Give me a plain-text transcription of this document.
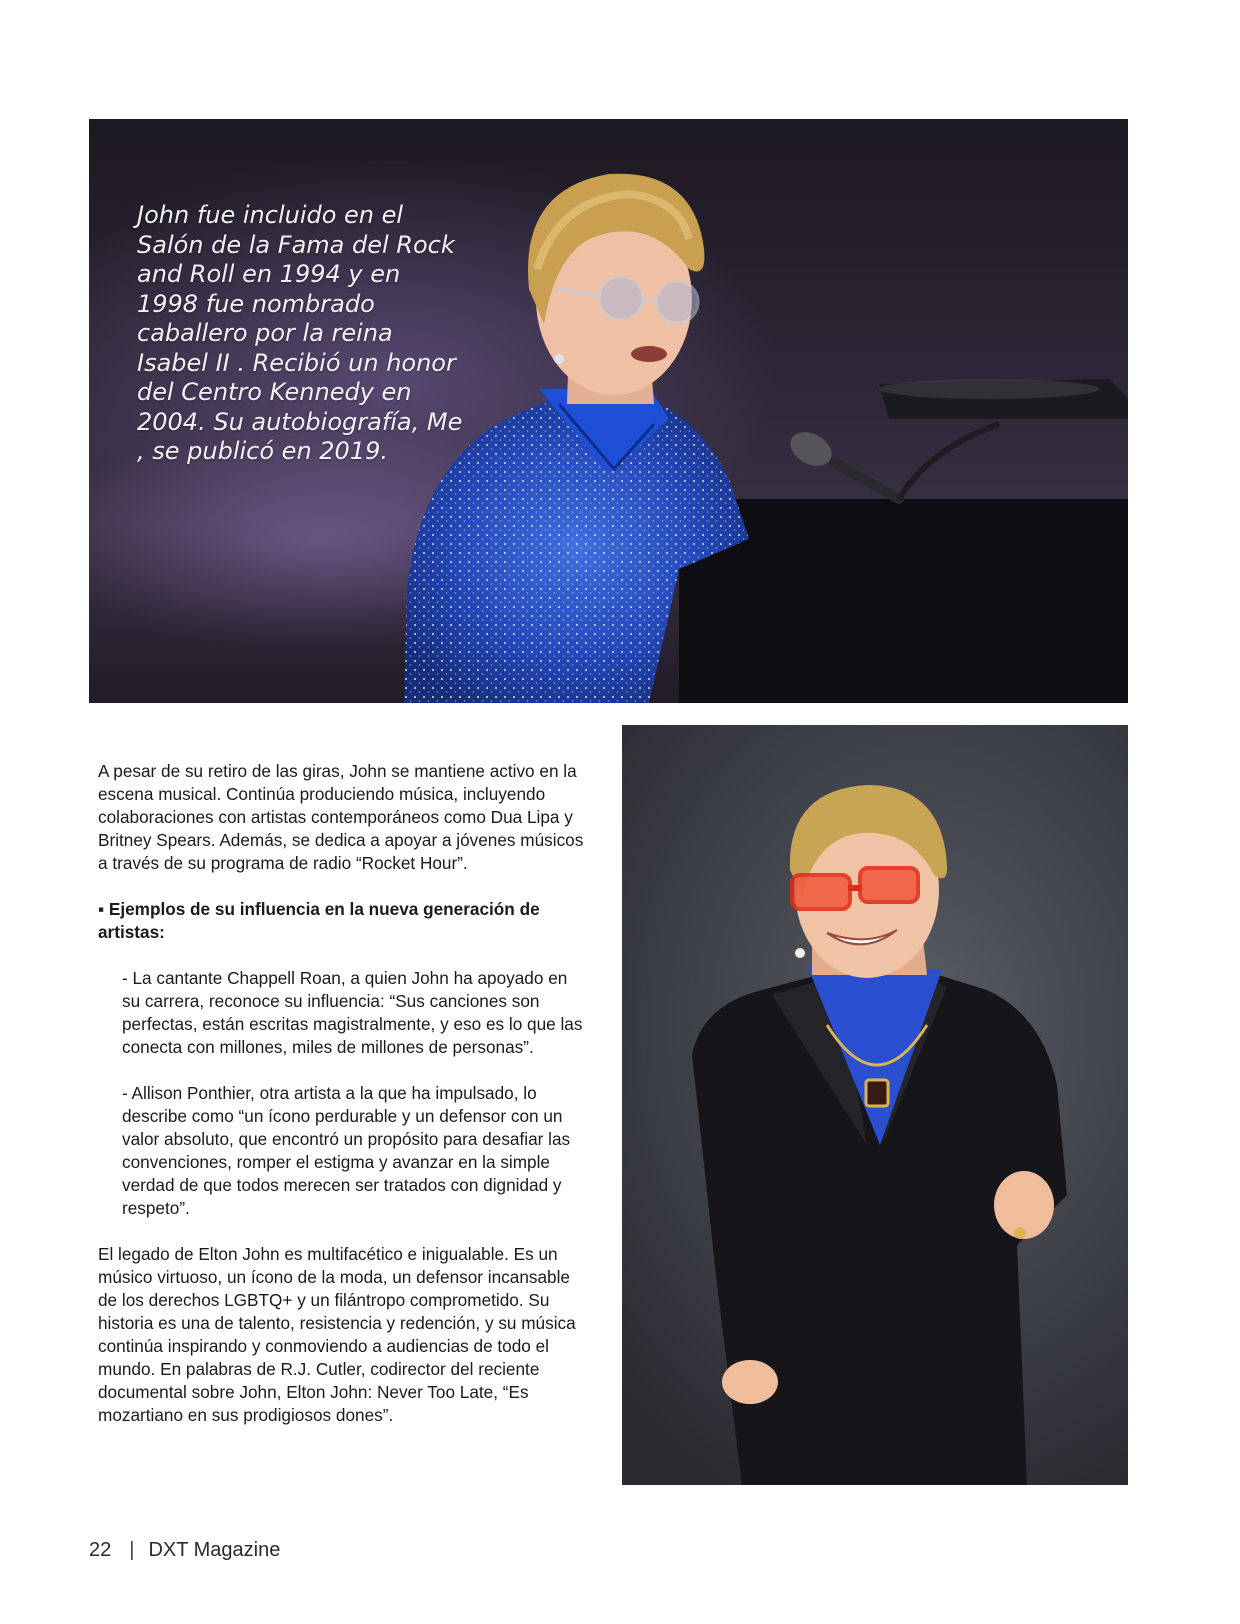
John fue incluido en el Salón de la Fama del Rock and Roll en 1994 y en 1998 fue nombrado caballero por la reina Isabel II . Recibió un honor del Centro Kennedy en 2004. Su autobiografía, Me , se publicó en 2019.

A pesar de su retiro de las giras, John se mantiene activo en la escena musical. Continúa produciendo música, incluyendo colaboraciones con artistas contemporáneos como Dua Lipa y Britney Spears. Además, se dedica a apoyar a jóvenes músicos a través de su programa de radio “Rocket Hour”.

▪ Ejemplos de su influencia en la nueva generación de artistas:

- La cantante Chappell Roan, a quien John ha apoyado en su carrera, reconoce su influencia: “Sus canciones son perfectas, están escritas magistralmente, y eso es lo que las conecta con millones, miles de millones de personas”.

- Allison Ponthier, otra artista a la que ha impulsado, lo describe como “un ícono perdurable y un defensor con un valor absoluto, que encontró un propósito para desafiar las convenciones, romper el estigma y avanzar en la simple verdad de que todos merecen ser tratados con dignidad y respeto”.

El legado de Elton John es multifacético e inigualable. Es un músico virtuoso, un ícono de la moda, un defensor incansable de los derechos LGBTQ+ y un filántropo comprometido. Su historia es una de talento, resistencia y redención, y su música continúa inspirando y conmoviendo a audiencias de todo el mundo. En palabras de R.J. Cutler, codirector del reciente documental sobre John, Elton John: Never Too Late, “Es mozartiano en sus prodigiosos dones”.

22 | DXT Magazine
